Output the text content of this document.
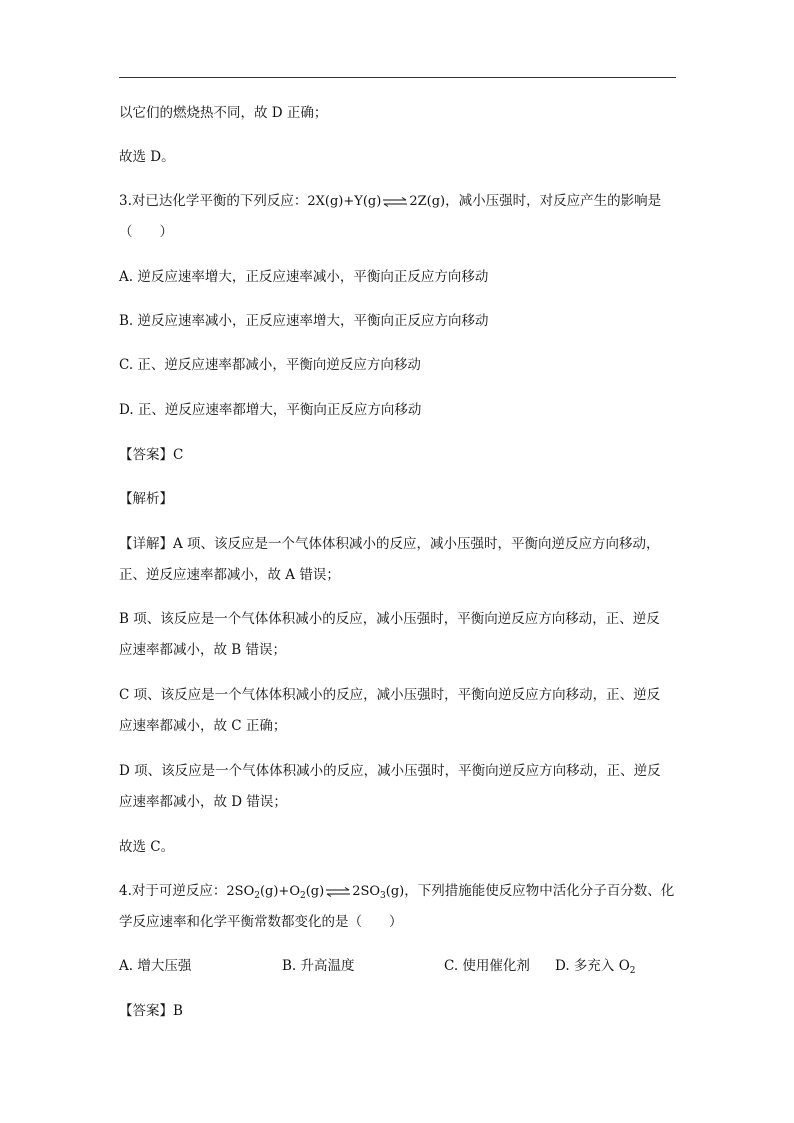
以它们的燃烧热不同，故 D 正确；
故选 D。
3.对已达化学平衡的下列反应：2X(g)+Y(g)⇌2Z(g)，减小压强时，对反应产生的影响是
（　　）
A. 逆反应速率增大，正反应速率减小，平衡向正反应方向移动
B. 逆反应速率减小，正反应速率增大，平衡向正反应方向移动
C. 正、逆反应速率都减小，平衡向逆反应方向移动
D. 正、逆反应速率都增大，平衡向正反应方向移动
【答案】C
【解析】
【详解】A 项、该反应是一个气体体积减小的反应，减小压强时，平衡向逆反应方向移动，
正、逆反应速率都减小，故 A 错误；
B 项、该反应是一个气体体积减小的反应，减小压强时，平衡向逆反应方向移动，正、逆反
应速率都减小，故 B 错误；
C 项、该反应是一个气体体积减小的反应，减小压强时，平衡向逆反应方向移动，正、逆反
应速率都减小，故 C 正确；
D 项、该反应是一个气体体积减小的反应，减小压强时，平衡向逆反应方向移动，正、逆反
应速率都减小，故 D 错误；
故选 C。
4.对于可逆反应：$2SO_2(g)+O_2(g)\rightleftharpoons 2SO_3(g)$，下列措施能使反应物中活化分子百分数、化
学反应速率和化学平衡常数都变化的是（　　）
A. 增大压强	B. 升高温度	C. 使用催化剂 D. 多充入 $O_2$
【答案】B
